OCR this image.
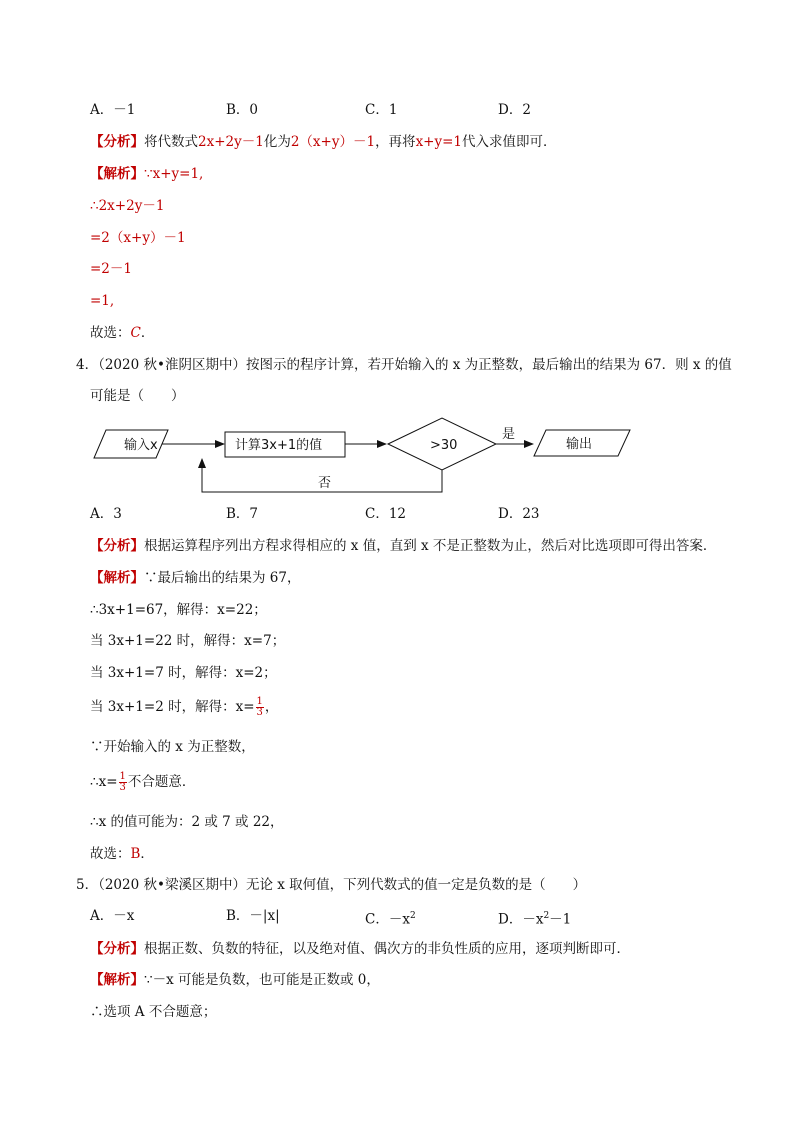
A．－1	B．0	C．1	D．2
【分析】将代数式2x+2y－1化为2（x+y）－1，再将x+y=1代入求值即可．
【解析】∵x+y=1,
∴2x+2y－1
=2（x+y）－1
=2－1
=1,
故选：C．
4．（2020 秋•淮阴区期中）按图示的程序计算，若开始输入的 x 为正整数，最后输出的结果为 67．则 x 的值
可能是（　　）
输入x	计算3x+1的值	>30
是
输出
否
A．3	B．7	C．12	D．23
【分析】根据运算程序列出方程求得相应的 x 值，直到 x 不是正整数为止，然后对比选项即可得出答案．
【解析】∵最后输出的结果为 67，
∴3x+1=67，解得：x=22；
当 3x+1=22 时，解得：x=7；
当 3x+1=7 时，解得：x=2；
当 3x+1=2 时，解得：$x= \frac{1}{3}$ ，
∵开始输入的 x 为正整数，
∴x= $\frac{1}{3}$ 不合题意．
∴x 的值可能为：2 或 7 或 22，
故选：B．
5．（2020 秋•梁溪区期中）无论 x 取何值，下列代数式的值一定是负数的是（　　）
A．－x	B．－|x|	C．$-x^2$	D．$-x^2-1$
【分析】根据正数、负数的特征，以及绝对值、偶次方的非负性质的应用，逐项判断即可．
【解析】∵－x 可能是负数，也可能是正数或 0，
∴选项 A 不合题意；
